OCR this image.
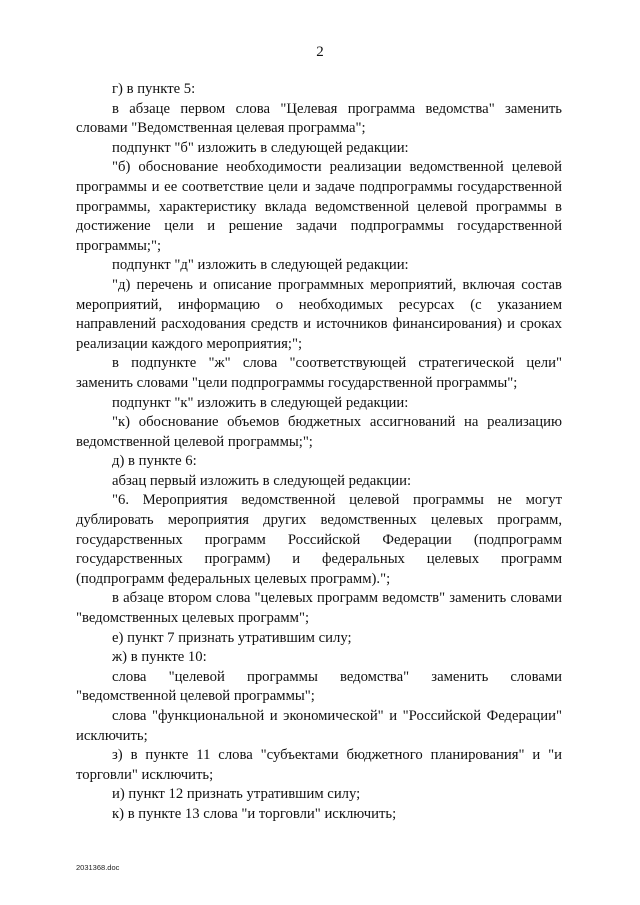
2

г) в пункте 5:

в абзаце первом слова "Целевая программа ведомства" заменить словами "Ведомственная целевая программа";

подпункт "б" изложить в следующей редакции:

"б) обоснование необходимости реализации ведомственной целевой программы и ее соответствие цели и задаче подпрограммы государственной программы, характеристику вклада ведомственной целевой программы в достижение цели и решение задачи подпрограммы государственной программы;";

подпункт "д" изложить в следующей редакции:

"д) перечень и описание программных мероприятий, включая состав мероприятий, информацию о необходимых ресурсах (с указанием направлений расходования средств и источников финансирования) и сроках реализации каждого мероприятия;";

в подпункте "ж" слова "соответствующей стратегической цели" заменить словами "цели подпрограммы государственной программы";

подпункт "к" изложить в следующей редакции:

"к) обоснование объемов бюджетных ассигнований на реализацию ведомственной целевой программы;";

д) в пункте 6:

абзац первый изложить в следующей редакции:

"6. Мероприятия ведомственной целевой программы не могут дублировать мероприятия других ведомственных целевых программ, государственных программ Российской Федерации (подпрограмм государственных программ) и федеральных целевых программ (подпрограмм федеральных целевых программ).";

в абзаце втором слова "целевых программ ведомств" заменить словами "ведомственных целевых программ";

е) пункт 7 признать утратившим силу;

ж) в пункте 10:

слова "целевой программы ведомства" заменить словами "ведомственной целевой программы";

слова "функциональной и экономической" и "Российской Федерации" исключить;

з) в пункте 11 слова "субъектами бюджетного планирования" и "и торговли" исключить;

и) пункт 12 признать утратившим силу;

к) в пункте 13 слова "и торговли" исключить;

2031368.doc
